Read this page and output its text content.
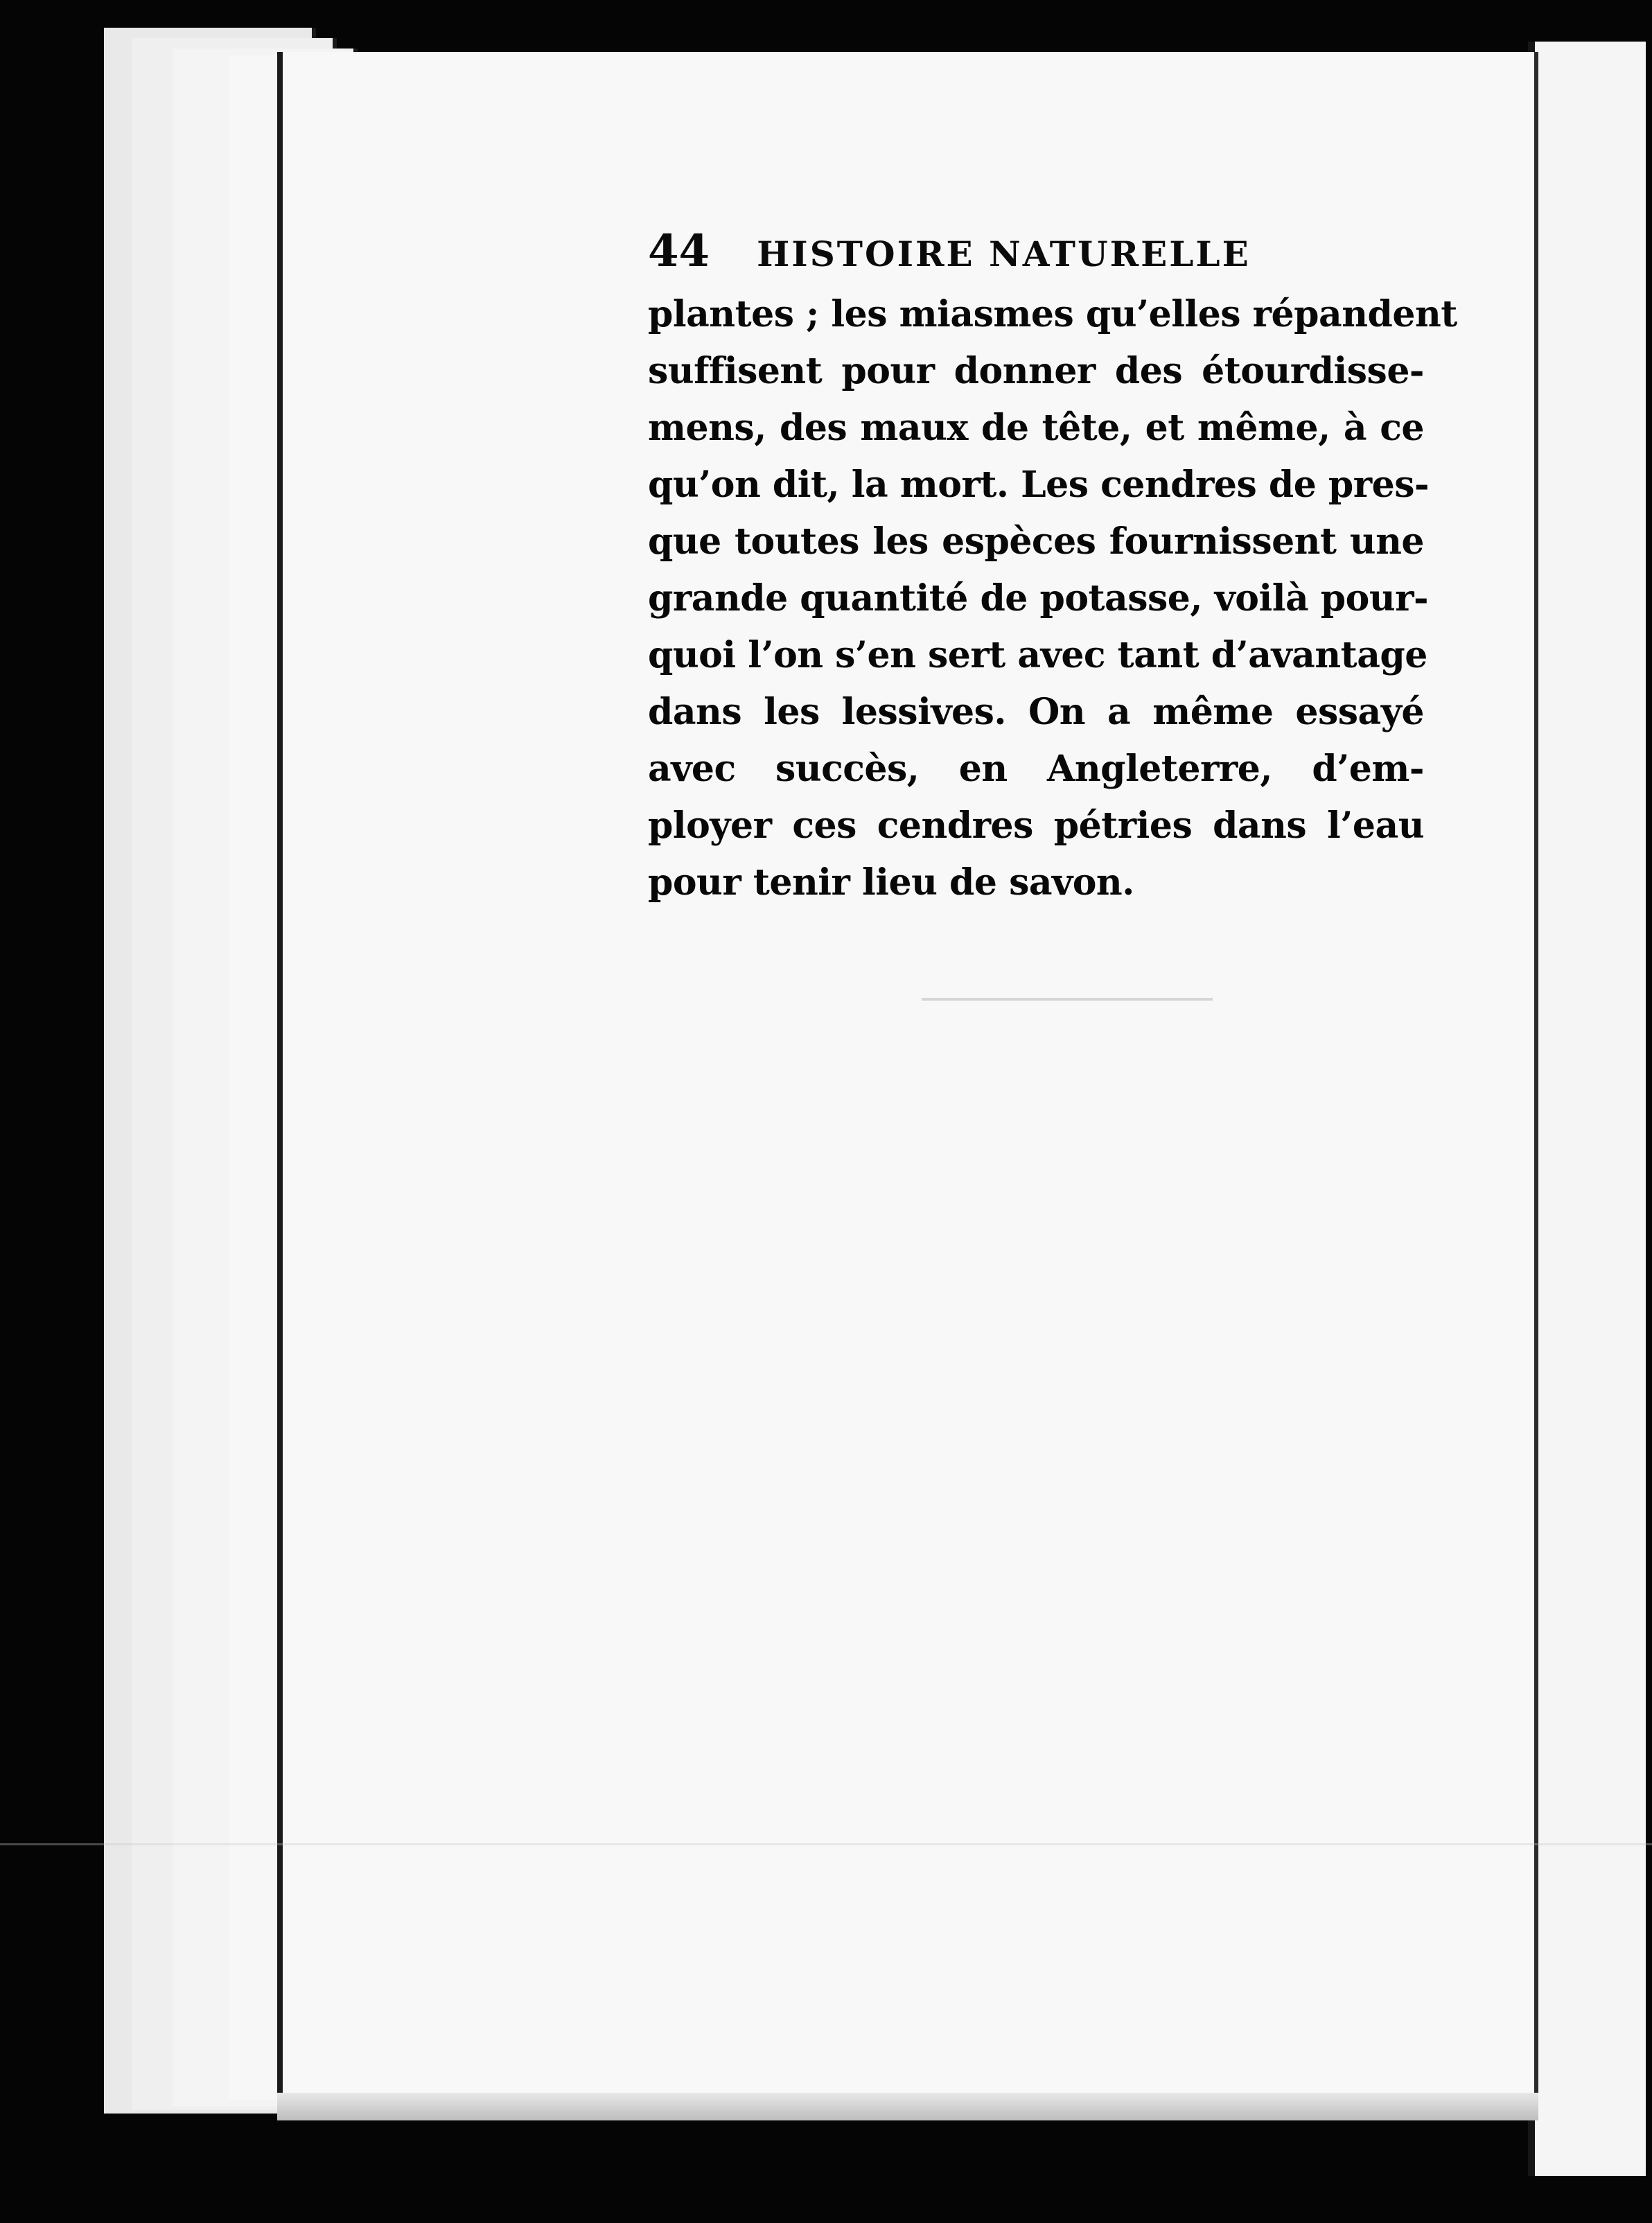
44 HISTOIRE NATURELLE
plantes ; les miasmes qu’elles répandent
suffisent pour donner des étourdisse-
mens, des maux de tête, et même, à ce
qu’on dit, la mort. Les cendres de pres-
que toutes les espèces fournissent une
grande quantité de potasse, voilà pour-
quoi l’on s’en sert avec tant d’avantage
dans les lessives. On a même essayé
avec succès, en Angleterre, d’em-
ployer ces cendres pétries dans l’eau
pour tenir lieu de savon.
